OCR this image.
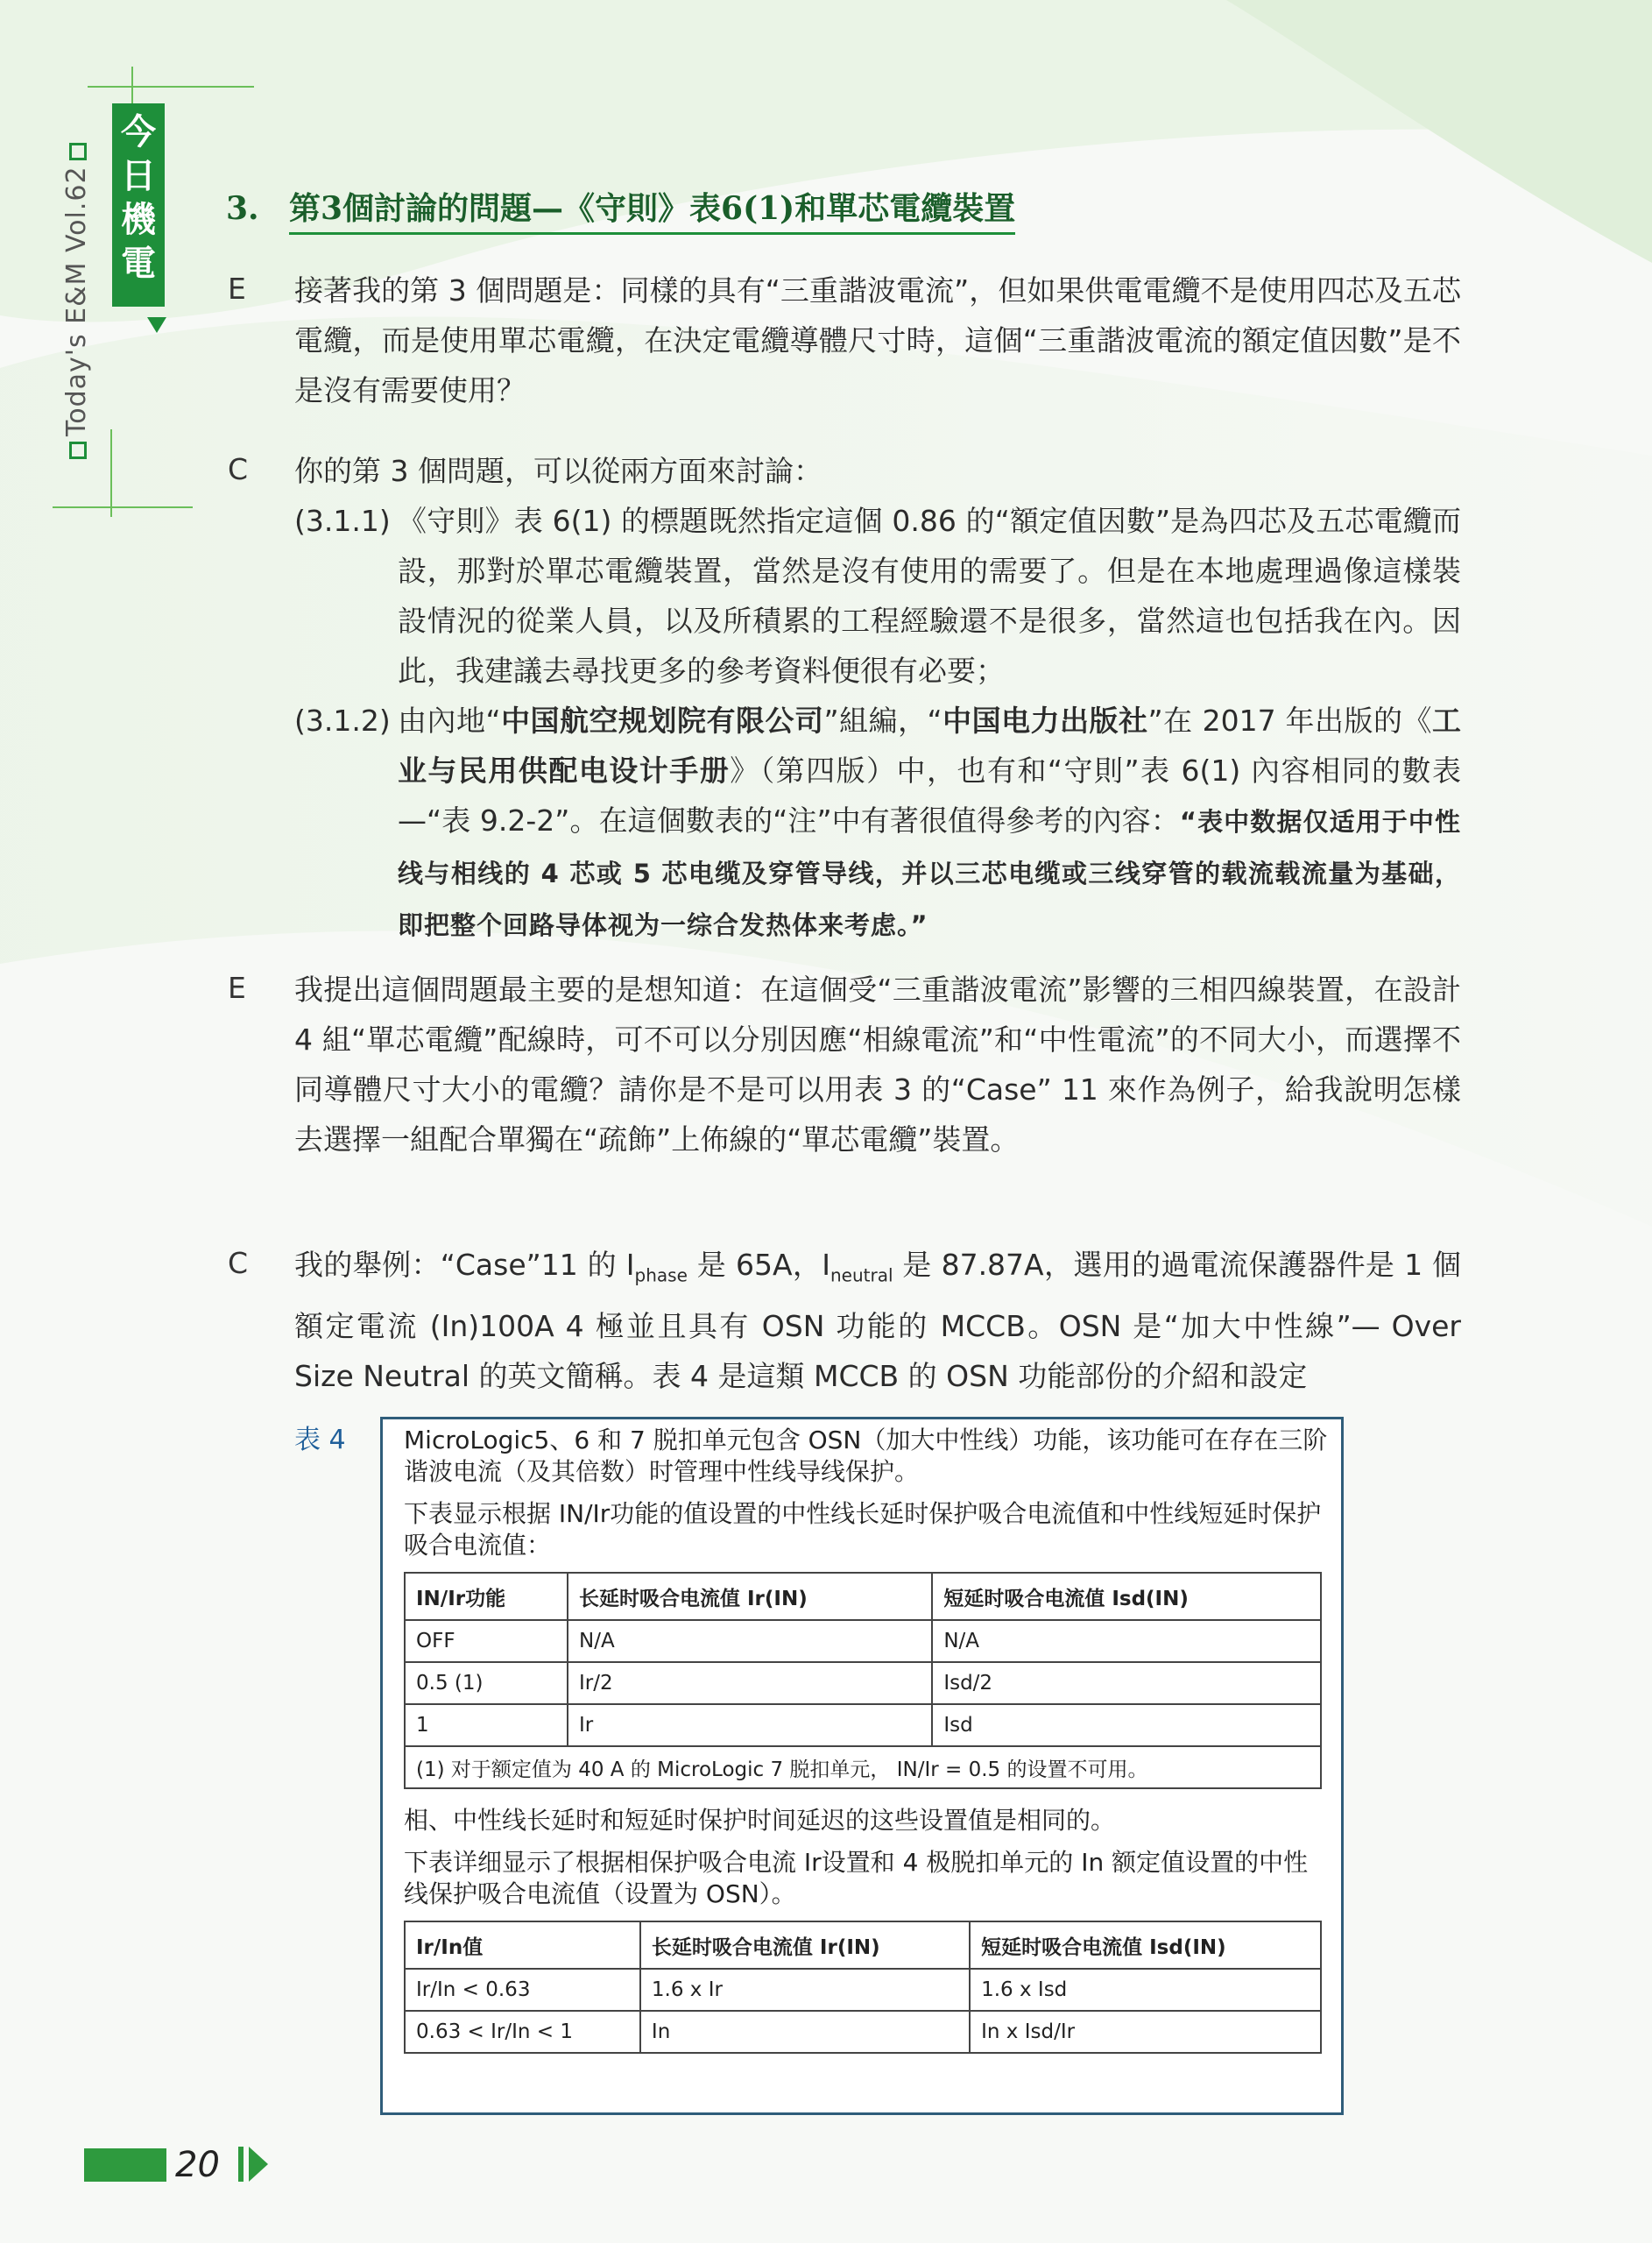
今
日
機
電
Today's E&M Vol.62	3. 第3個討論的問題—《守則》表6(1)和單芯電纜裝置
E 接著我的第 3 個問題是：同樣的具有“三重諧波電流”，但如果供電電纜不是使用四芯及五芯電纜，而是使用單芯電纜，在決定電纜導體尺寸時，這個“三重諧波電流的額定值因數”是不是沒有需要使用？
C 你的第 3 個問題，可以從兩方面來討論：
(3.1.1) 《守則》表 6(1) 的標題既然指定這個 0.86 的“額定值因數”是為四芯及五芯電纜而設，那對於單芯電纜裝置，當然是沒有使用的需要了。但是在本地處理過像這樣裝設情況的從業人員，以及所積累的工程經驗還不是很多，當然這也包括我在內。因此，我建議去尋找更多的參考資料便很有必要；
(3.1.2) 由內地“中国航空规划院有限公司”組編，“中国电力出版社”在 2017 年出版的《工业与民用供配电设计手册》（第四版）中，也有和“守則”表 6(1) 內容相同的數表—“表 9.2-2”。在這個數表的“注”中有著很值得參考的內容：“表中数据仅适用于中性线与相线的 4 芯或 5 芯电缆及穿管导线，并以三芯电缆或三线穿管的载流载流量为基础，即把整个回路导体视为一综合发热体来考虑。”
E 我提出這個問題最主要的是想知道：在這個受“三重諧波電流”影響的三相四線裝置，在設計 4 組“單芯電纜”配線時，可不可以分別因應“相線電流”和“中性電流”的不同大小，而選擇不同導體尺寸大小的電纜？請你是不是可以用表 3 的“Case” 11 來作為例子，給我說明怎樣去選擇一組配合單獨在“疏飾”上佈線的“單芯電纜”裝置。
C 我的舉例：“Case”11 的 $I_{phase}$ 是 65A，$I_{neutral}$ 是 87.87A，選用的過電流保護器件是 1 個額定電流 (In)100A 4 極並且具有 OSN 功能的 MCCB。OSN 是“加大中性線”— Over Size Neutral 的英文簡稱。表 4 是這類 MCCB 的 OSN 功能部份的介紹和設定
表 4 MicroLogic5、6 和 7 脱扣单元包含 OSN（加大中性线）功能，该功能可在存在三阶谐波电流（及其倍数）时管理中性线导线保护。

下表显示根据 IN/Ir功能的值设置的中性线长延时保护吸合电流值和中性线短延时保护吸合电流值：

IN/Ir功能	长延时吸合电流值 Ir(IN)	短延时吸合电流值 Isd(IN)
OFF	N/A	N/A
0.5 (1)	Ir/2	Isd/2
1	Ir	Isd
(1) 对于额定值为 40 A 的 MicroLogic 7 脱扣单元， IN/Ir = 0.5 的设置不可用。		

相、中性线长延时和短延时保护时间延迟的这些设置值是相同的。

下表详细显示了根据相保护吸合电流 Ir设置和 4 极脱扣单元的 In 额定值设置的中性线保护吸合电流值（设置为 OSN）。

Ir/In值	长延时吸合电流值 Ir(IN)	短延时吸合电流值 Isd(IN)
Ir/In < 0.63	1.6 x Ir	1.6 x Isd
0.63 < Ir/In < 1	In	In x Isd/Ir
20
